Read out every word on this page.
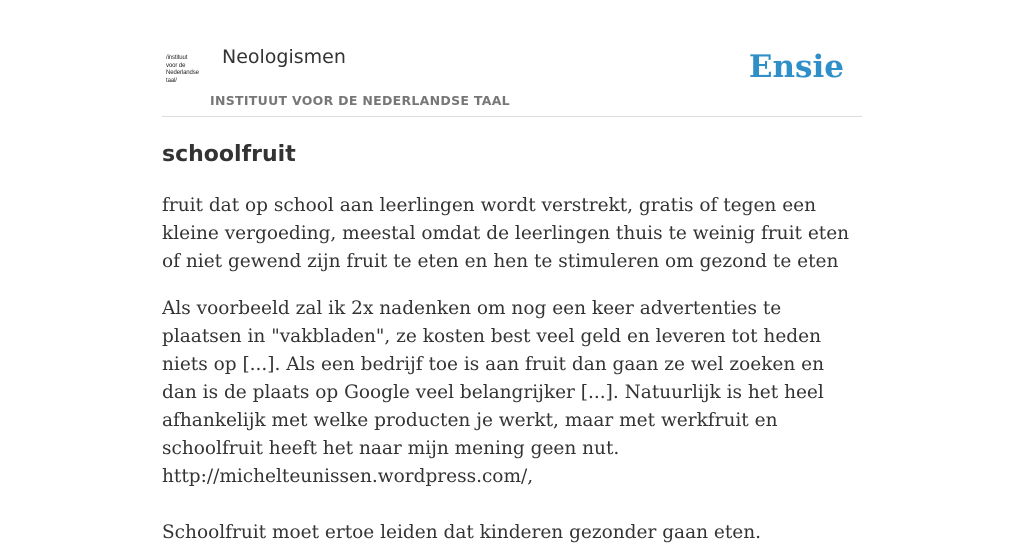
/instituut
voor de
Nederlandse
taal/
Neologismen
INSTITUUT VOOR DE NEDERLANDSE TAAL
Ensie
schoolfruit

fruit dat op school aan leerlingen wordt verstrekt, gratis of tegen een kleine vergoeding, meestal omdat de leerlingen thuis te weinig fruit eten of niet gewend zijn fruit te eten en hen te stimuleren om gezond te eten

Als voorbeeld zal ik 2x nadenken om nog een keer advertenties te plaatsen in "vakbladen", ze kosten best veel geld en leveren tot heden niets op [...]. Als een bedrijf toe is aan fruit dan gaan ze wel zoeken en dan is de plaats op Google veel belangrijker [...]. Natuurlijk is het heel afhankelijk met welke producten je werkt, maar met werkfruit en schoolfruit heeft het naar mijn mening geen nut.
http://michelteunissen.wordpress.com/,

Schoolfruit moet ertoe leiden dat kinderen gezonder gaan eten.
